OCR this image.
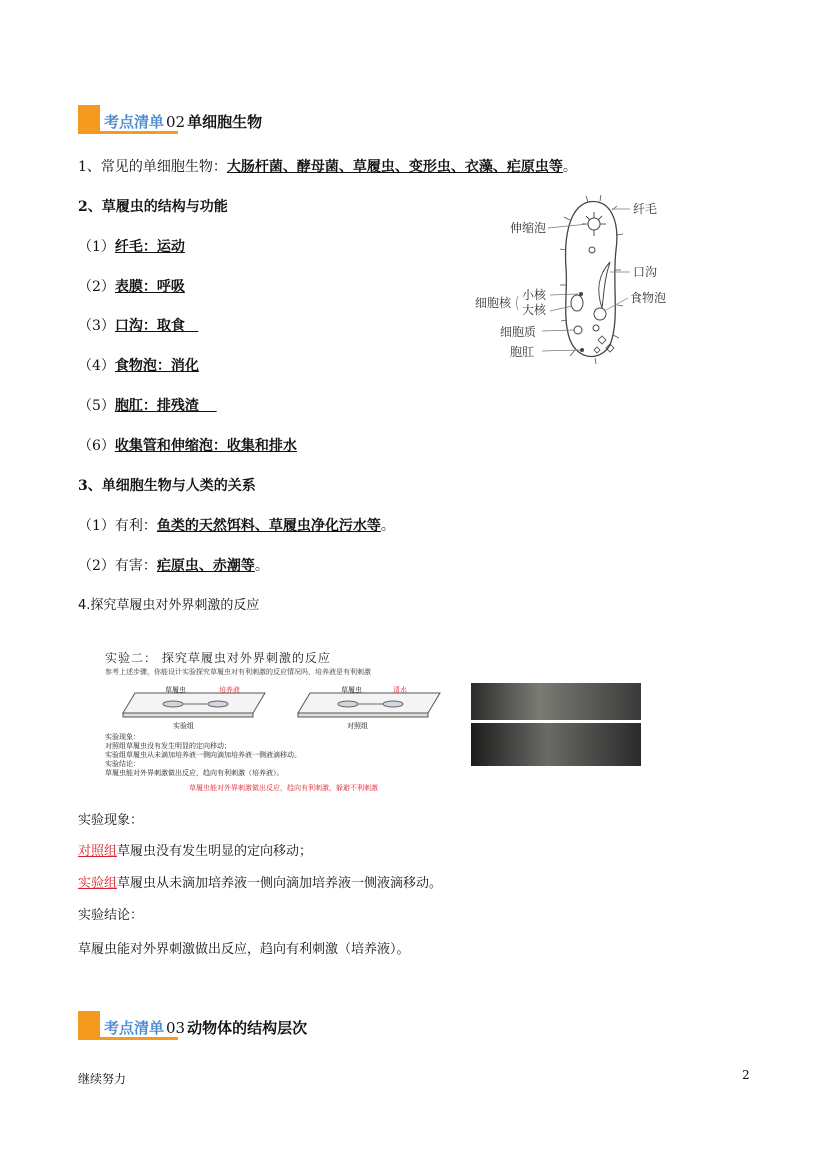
考点清单 02 单细胞生物
1、常见的单细胞生物：大肠杆菌、酵母菌、草履虫、变形虫、衣藻、疟原虫等。
2、草履虫的结构与功能
（1）纤毛：运动
（2）表膜：呼吸
（3）口沟：取食
（4）食物泡：消化
（5）胞肛：排残渣
（6）收集管和伸缩泡：收集和排水
纤毛
伸缩泡
口沟
食物泡
小核
大核
细胞核
细胞质
胞肛
3、单细胞生物与人类的关系
（1）有利：鱼类的天然饵料、草履虫净化污水等。
（2）有害：疟原虫、赤潮等。
4.探究草履虫对外界刺激的反应
实验二： 探究草履虫对外界刺激的反应
参考上述步骤，你能设计实验探究草履虫对有利刺激的反应情况吗，培养液是有利刺激
草履虫	培养液	草履虫	清水
实验组	对照组
实验现象：
对照组草履虫没有发生明显的定向移动；
实验组草履虫从未滴加培养液一侧向滴加培养液一侧液滴移动。
实验结论：
草履虫能对外界刺激做出反应，趋向有利刺激（培养液）。
草履虫能对外界刺激做出反应，趋向有利刺激，躲避不利刺激
实验现象：
对照组草履虫没有发生明显的定向移动；
实验组草履虫从未滴加培养液一侧向滴加培养液一侧液滴移动。
实验结论：
草履虫能对外界刺激做出反应，趋向有利刺激（培养液）。
考点清单 03 动物体的结构层次
继续努力	2
